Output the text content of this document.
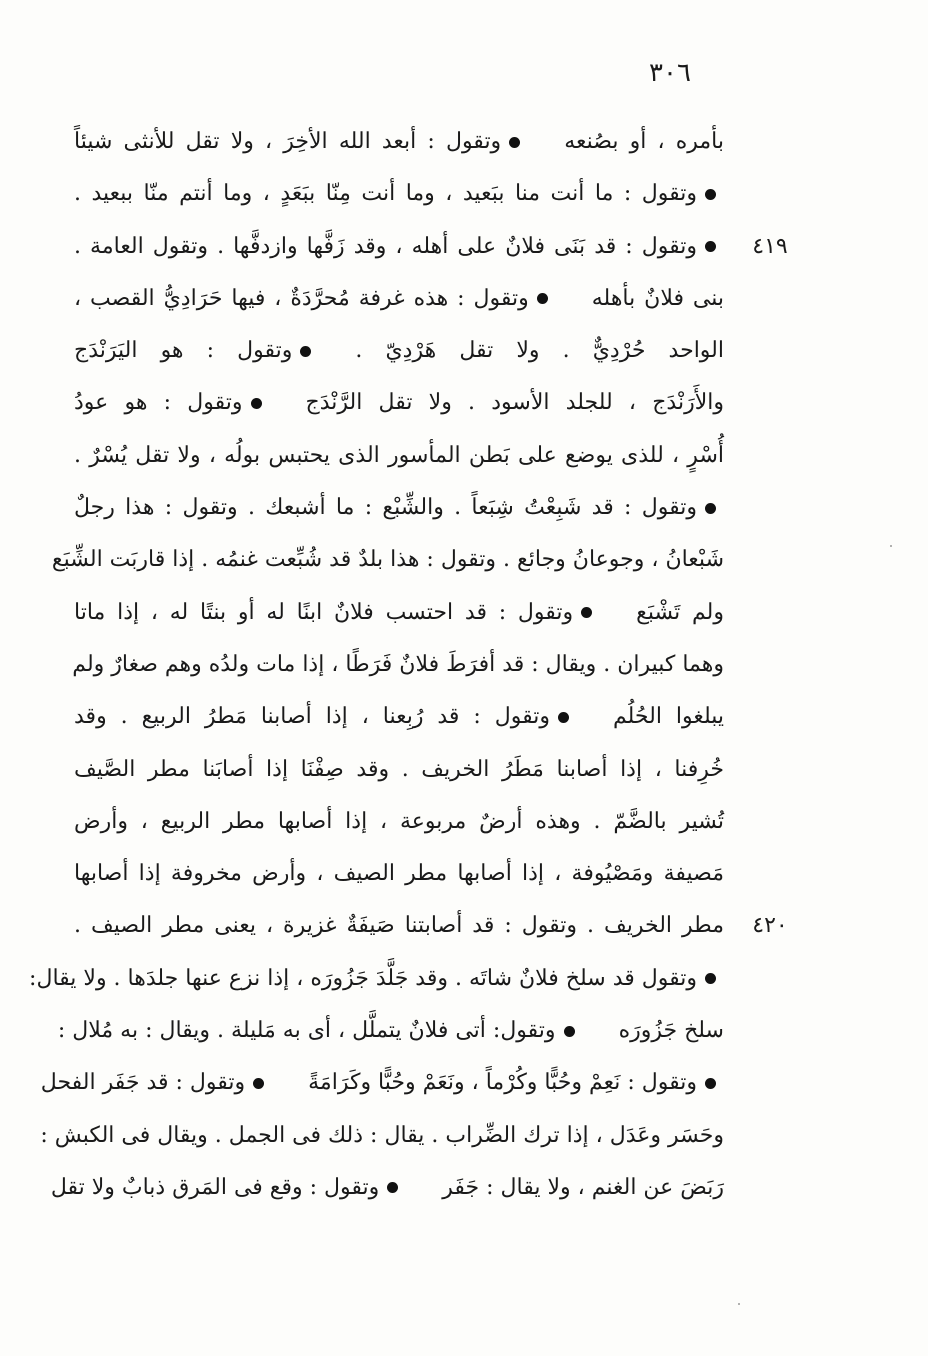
٣٠٦
٤١٩
٤٢٠
بأمره ، أو بصُنعهوتقول : أبعد الله الأخِرَ ، ولا تقل للأنثى شيئاً
وتقول : ما أنت منا ببَعيد ، وما أنت مِنّا ببَعَدٍ ، وما أنتم منّا ببعيد .
وتقول : قد بَنَى فلانٌ على أهله ، وقد زَفَّها وازدفَّها . وتقول العامة .
بنى فلانٌ بأهلهوتقول : هذه غرفة مُحرَّدَةٌ ، فيها حَرَادِيُّ القصب ،
الواحد حُرْدِيٌّ . ولا تقل هَرْدِيّ .وتقول : هو اليَرَنْدَج
والأَرَنْدَج ، للجلد الأسود . ولا تقل الرَّنْدَجوتقول : هو عودُ
أُسْرٍ ، للذى يوضع على بَطن المأسور الذى يحتبس بولُه ، ولا تقل يُسْرٌ .
وتقول : قد شَبِعْتُ شِبَعاً . والشِّبْع : ما أشبعك . وتقول : هذا رجلٌ
شَبْعانُ ، وجوعانُ وجائع . وتقول : هذا بلدٌ قد شُبِّعت غنمُه . إذا قاربَت الشِّبَع
ولم تَشْبَعوتقول : قد احتسب فلانٌ ابنًا له أو بنتًا له ، إذا ماتا
وهما كبيران . ويقال : قد أفرَطَ فلانٌ فَرَطًا ، إذا مات ولدُه وهم صغارٌ ولم
يبلغوا الحُلُموتقول : قد رُبِعنا ، إذا أصابنا مَطرُ الربيع . وقد
خُرِفنا ، إذا أصابنا مَطَرُ الخريف . وقد صِفْنَا إذا أصابَنا مطر الصَّيف
تُشير بالضَّمّ . وهذه أرضٌ مربوعة ، إذا أصابها مطر الربيع ، وأرض
مَصيفة ومَصْيُوفة ، إذا أصابها مطر الصيف ، وأرض مخروفة إذا أصابها
مطر الخريف . وتقول : قد أصابتنا صَيفَةٌ غزيرة ، يعنى مطر الصيف .
وتقول قد سلخ فلانٌ شاتَه . وقد جَلَّدَ جَزُورَه ، إذا نزع عنها جلدَها . ولا يقال:
سلخ جَزُورَهوتقول: أتى فلانٌ يتملَّل ، أى به مَليلة . ويقال : به مُلال :
وتقول : نَعِمْ وحُبًّا وكُرْماً ، ونَعَمْ وحُبًّا وكَرَامَةًوتقول : قد جَفَر الفحل
وحَسَر وعَدَل ، إذا ترك الضِّراب . يقال : ذلك فى الجمل . ويقال فى الكبش :
رَبَضَ عن الغنم ، ولا يقال : جَفَروتقول : وقع فى المَرق ذبابٌ ولا تقل
